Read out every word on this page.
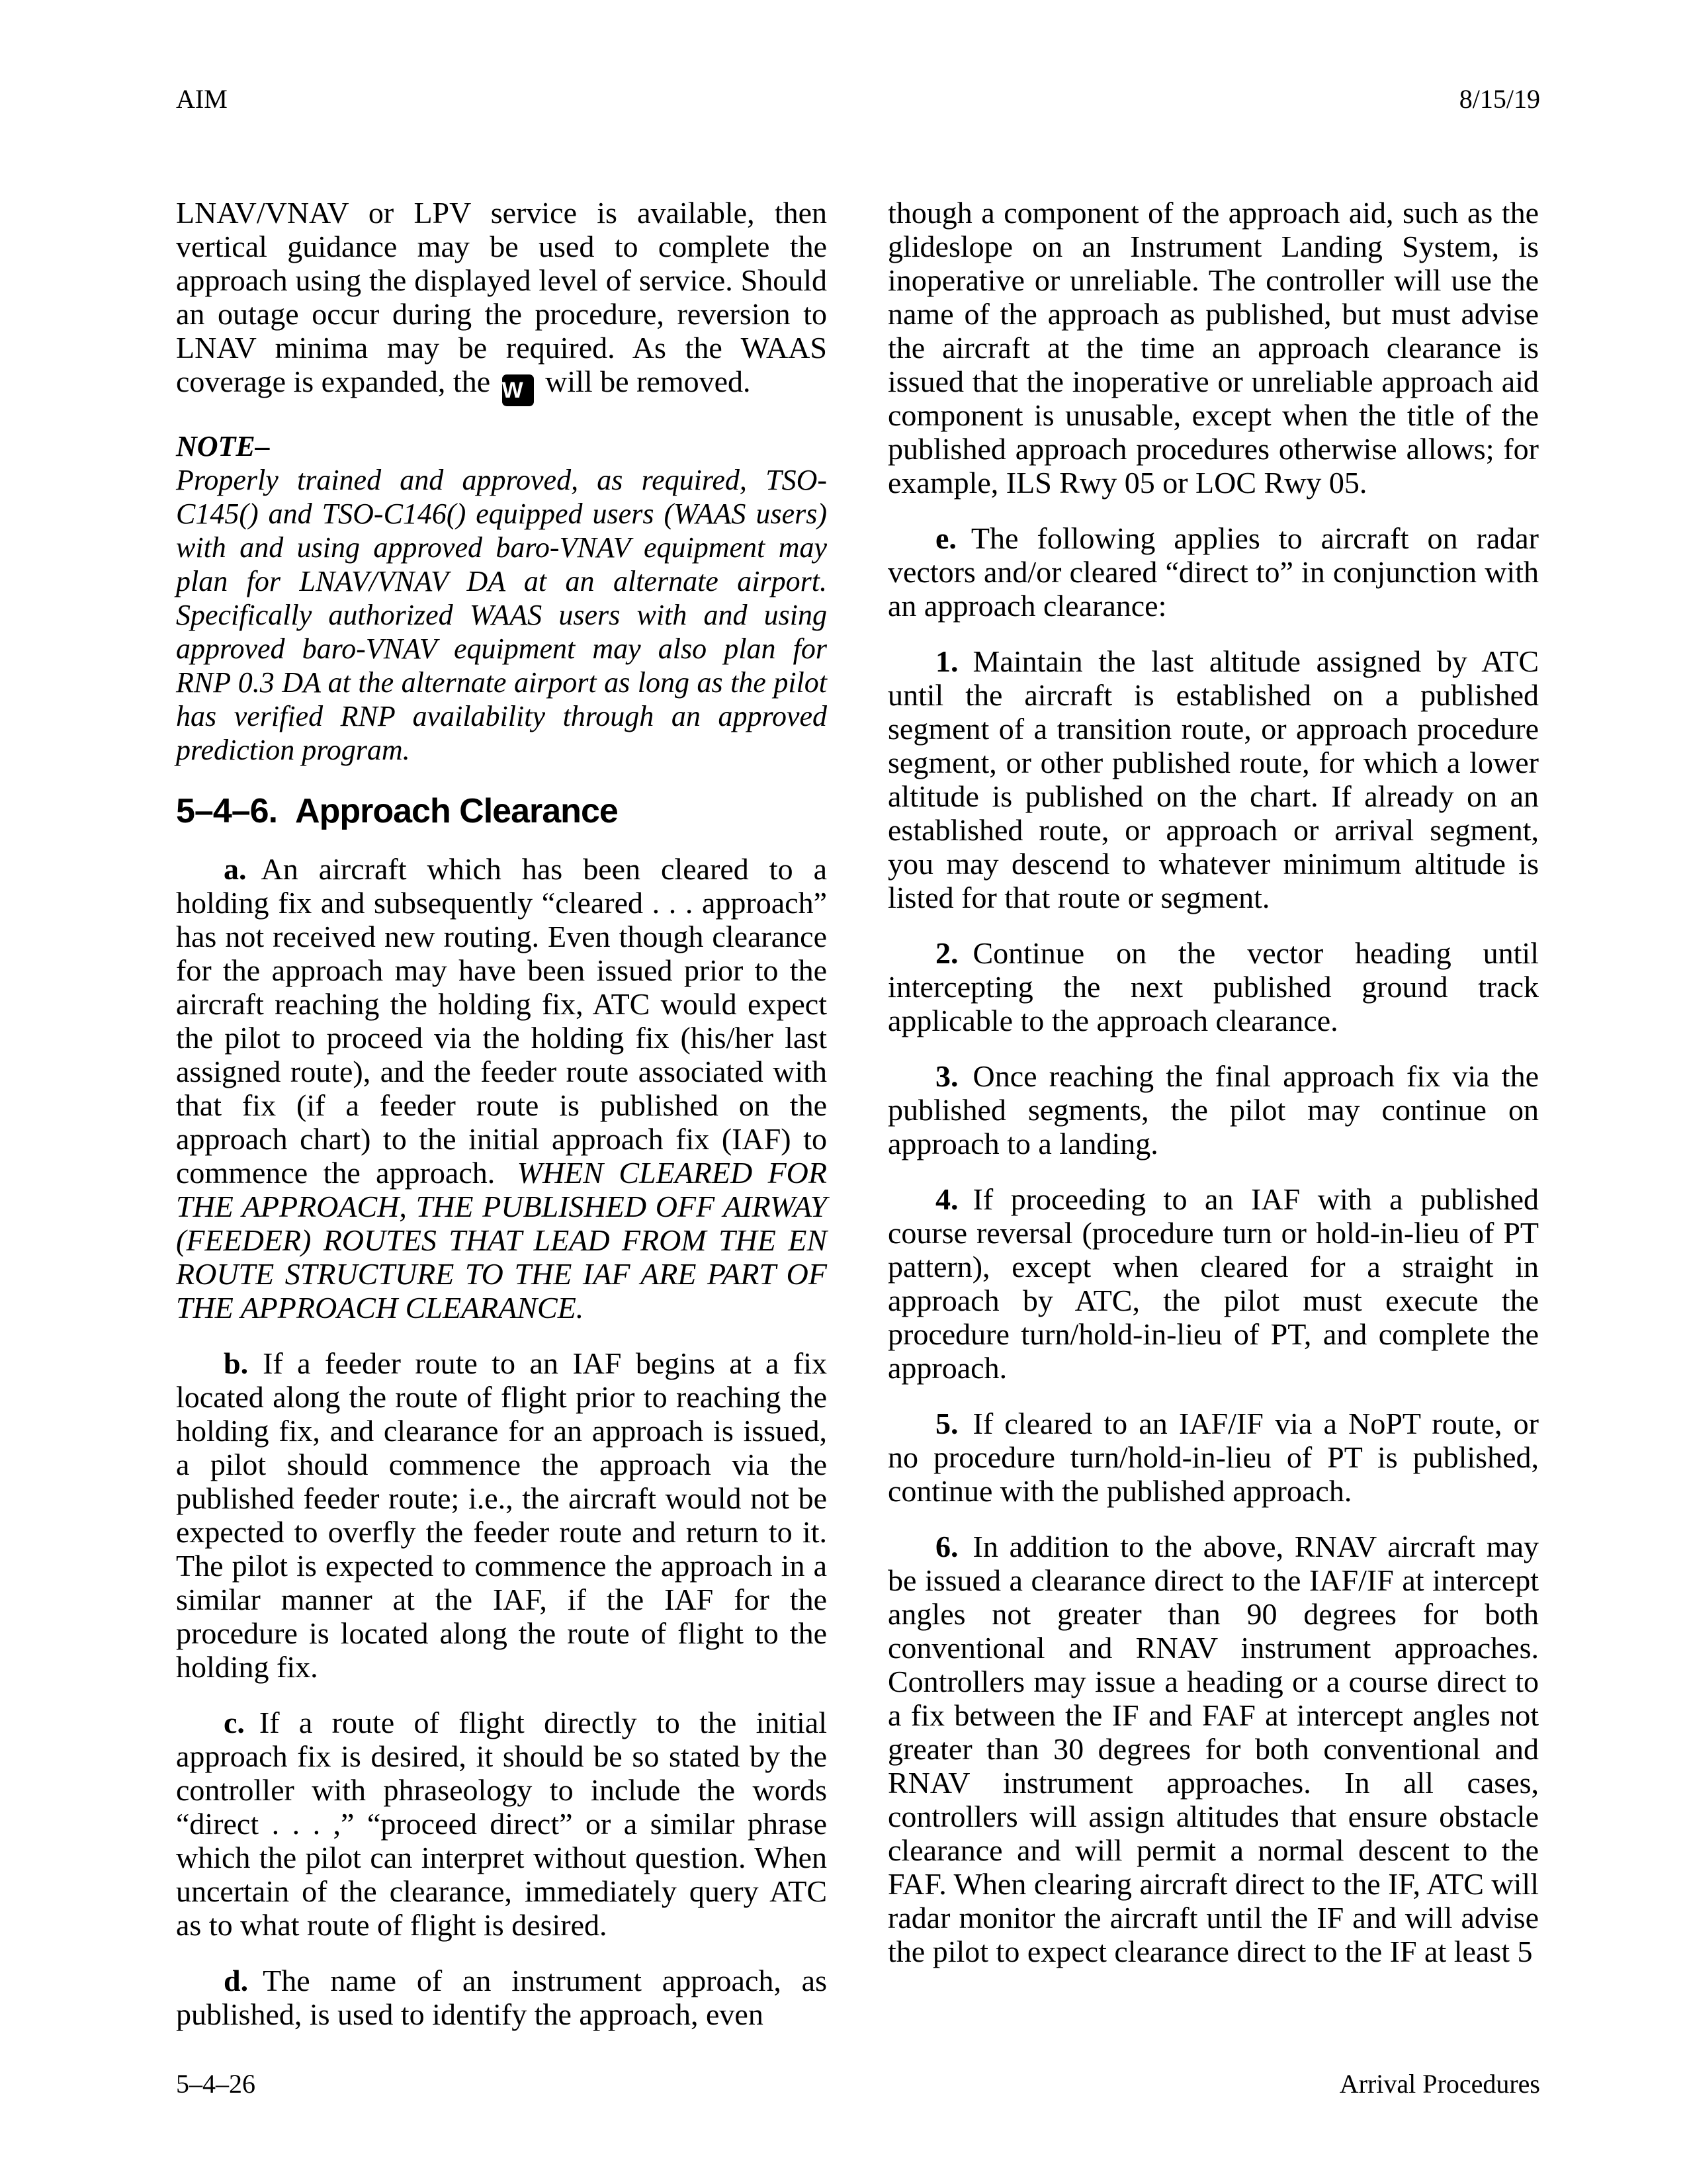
AIM	8/15/19

LNAV/VNAV or LPV service is available, then vertical guidance may be used to complete the approach using the displayed level of service. Should an outage occur during the procedure, reversion to LNAV minima may be required. As the WAAS coverage is expanded, the W will be removed.

NOTE–

Properly trained and approved, as required, TSO-C145() and TSO-C146() equipped users (WAAS users) with and using approved baro-VNAV equipment may plan for LNAV/VNAV DA at an alternate airport. Specifically authorized WAAS users with and using approved baro-VNAV equipment may also plan for RNP 0.3 DA at the alternate airport as long as the pilot has verified RNP availability through an approved prediction program.

5–4–6. Approach Clearance

a. An aircraft which has been cleared to a holding fix and subsequently “cleared . . . approach” has not received new routing. Even though clearance for the approach may have been issued prior to the aircraft reaching the holding fix, ATC would expect the pilot to proceed via the holding fix (his/her last assigned route), and the feeder route associated with that fix (if a feeder route is published on the approach chart) to the initial approach fix (IAF) to commence the approach. WHEN CLEARED FOR THE APPROACH, THE PUBLISHED OFF AIRWAY (FEEDER) ROUTES THAT LEAD FROM THE EN ROUTE STRUCTURE TO THE IAF ARE PART OF THE APPROACH CLEARANCE.

b. If a feeder route to an IAF begins at a fix located along the route of flight prior to reaching the holding fix, and clearance for an approach is issued, a pilot should commence the approach via the published feeder route; i.e., the aircraft would not be expected to overfly the feeder route and return to it. The pilot is expected to commence the approach in a similar manner at the IAF, if the IAF for the procedure is located along the route of flight to the holding fix.

c. If a route of flight directly to the initial approach fix is desired, it should be so stated by the controller with phraseology to include the words “direct . . . ,” “proceed direct” or a similar phrase which the pilot can interpret without question. When uncertain of the clearance, immediately query ATC as to what route of flight is desired.

d. The name of an instrument approach, as published, is used to identify the approach, even

though a component of the approach aid, such as the glideslope on an Instrument Landing System, is inoperative or unreliable. The controller will use the name of the approach as published, but must advise the aircraft at the time an approach clearance is issued that the inoperative or unreliable approach aid component is unusable, except when the title of the published approach procedures otherwise allows; for example, ILS Rwy 05 or LOC Rwy 05.

e. The following applies to aircraft on radar vectors and/or cleared “direct to” in conjunction with an approach clearance:

1. Maintain the last altitude assigned by ATC until the aircraft is established on a published segment of a transition route, or approach procedure segment, or other published route, for which a lower altitude is published on the chart. If already on an established route, or approach or arrival segment, you may descend to whatever minimum altitude is listed for that route or segment.

2. Continue on the vector heading until intercepting the next published ground track applicable to the approach clearance.

3. Once reaching the final approach fix via the published segments, the pilot may continue on approach to a landing.

4. If proceeding to an IAF with a published course reversal (procedure turn or hold-in-lieu of PT pattern), except when cleared for a straight in approach by ATC, the pilot must execute the procedure turn/hold-in-lieu of PT, and complete the approach.

5. If cleared to an IAF/IF via a NoPT route, or no procedure turn/hold-in-lieu of PT is published, continue with the published approach.

6. In addition to the above, RNAV aircraft may be issued a clearance direct to the IAF/IF at intercept angles not greater than 90 degrees for both conventional and RNAV instrument approaches. Controllers may issue a heading or a course direct to a fix between the IF and FAF at intercept angles not greater than 30 degrees for both conventional and RNAV instrument approaches. In all cases, controllers will assign altitudes that ensure obstacle clearance and will permit a normal descent to the FAF. When clearing aircraft direct to the IF, ATC will radar monitor the aircraft until the IF and will advise the pilot to expect clearance direct to the IF at least 5

5–4–26	Arrival Procedures
